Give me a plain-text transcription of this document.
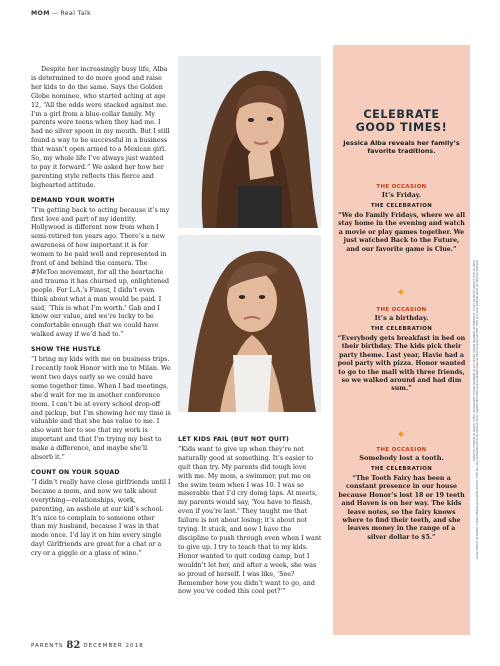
MOM — Real Talk

Despite her increasingly busy life, Alba is determined to do more good and raise her kids to do the same. Says the Golden Globe nominee, who started acting at age 12, “All the odds were stacked against me. I’m a girl from a blue-collar family. My parents were teens when they had me. I had no silver spoon in my mouth. But I still found a way to be successful in a business that wasn’t open armed to a Mexican girl. So, my whole life I’ve always just wanted to pay it forward.” We asked her how her parenting style reflects this fierce and bighearted attitude.

DEMAND YOUR WORTH

“I’m getting back to acting because it’s my first love and part of my identity. Hollywood is different now from when I semi-retired ten years ago. There’s a new awareness of how important it is for women to be paid well and represented in front of and behind the camera. The #MeToo movement, for all the heartache and trauma it has churned up, enlightened people. For L.A.’s Finest, I didn’t even think about what a man would be paid. I said, ‘This is what I’m worth.’ Gab and I know our value, and we’re lucky to be comfortable enough that we could have walked away if we’d had to.”

SHOW THE HUSTLE

“I bring my kids with me on business trips. I recently took Honor with me to Milan. We went two days early so we could have some together time. When I had meetings, she’d wait for me in another conference room. I can’t be at every school drop-off and pickup, but I’m showing her my time is valuable and that she has value to me. I also want her to see that my work is important and that I’m trying my best to make a difference, and maybe she’ll absorb it.”

COUNT ON YOUR SQUAD

“I didn’t really have close girlfriends until I became a mom, and now we talk about everything—relationships, work, parenting, an asshole at our kid’s school. It’s nice to complain to someone other than my husband, because I was in that mode once. I’d lay it on him every single day! Girlfriends are great for a chat or a cry or a giggle or a glass of wine.”

LET KIDS FAIL (BUT NOT QUIT)

“Kids want to give up when they’re not naturally good at something. It’s easier to quit than try. My parents did tough love with me. My mom, a swimmer, put me on the swim team when I was 10. I was so miserable that I’d cry doing laps. At meets, my parents would say, ‘You have to finish, even if you’re last.’ They taught me that failure is not about losing; it’s about not trying. It stuck, and now I have the discipline to push through even when I want to give up. I try to teach that to my kids. Honor wanted to quit coding camp, but I wouldn’t let her, and after a week, she was so proud of herself. I was like, ‘See? Remember how you didn’t want to go, and now you’ve coded this cool pet?’”

CELEBRATE
GOOD TIMES!
Jessica Alba reveals her family’s favorite traditions.
THE OCCASION
It’s Friday.
THE CELEBRATION
“We do Family Fridays, where we all stay home in the evening and watch a movie or play games together. We just watched Back to the Future, and our favorite game is Clue.”
THE OCCASION
It’s a birthday.
THE CELEBRATION
“Everybody gets breakfast in bed on their birthday. The kids pick their party theme. Last year, Havie had a pool party with pizza. Honor wanted to go to the mall with three friends, so we walked around and had dim sum.”
THE OCCASION
Somebody lost a tooth.
THE CELEBRATION
“The Tooth Fairy has been a constant presence in our house because Honor’s lost 18 or 19 teeth and Haven is on her way. The kids leave notes, so the fairy knows where to find their teeth, and she leaves money in the range of a silver dollar to $5.”	FASHION STYLING BY JAMIE MIZRAHI FOR THE WALL GROUP. PROP STYLING BY BETH JENSEN FOR STOCKLAND MARTEL. HAIR STYLING BY DAVID NEWMAN FOR THE WALL GROUP. MAKEUP BY DEBRA STEELA. DRESS BY SHAINA MOTE. SHIRT BY RAG & BONE. JEANS BY LEVI’S. EARRINGS BY JENNIFER MEYER. NECKLACE BY JENNIFER MEYER. SWEATER BY VINCE. SHOES BY MANOLO BLAHNIK.
PARENTS 82 DECEMBER 2018
